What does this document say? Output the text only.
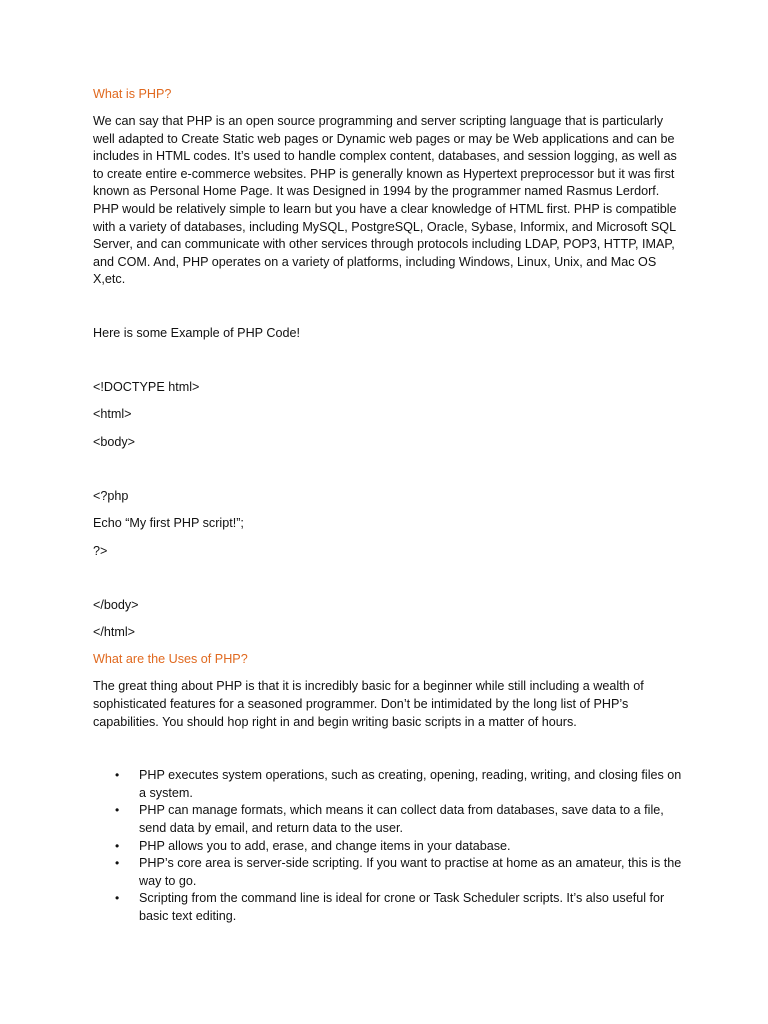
What is PHP?

We can say that PHP is an open source programming and server scripting language that is particularly well adapted to Create Static web pages or Dynamic web pages or may be Web applications and can be includes in HTML codes. It’s used to handle complex content, databases, and session logging, as well as to create entire e-commerce websites. PHP is generally known as Hypertext preprocessor but it was first known as Personal Home Page. It was Designed in 1994 by the programmer named Rasmus Lerdorf. PHP would be relatively simple to learn but you have a clear knowledge of HTML first. PHP is compatible with a variety of databases, including MySQL, PostgreSQL, Oracle, Sybase, Informix, and Microsoft SQL Server, and can communicate with other services through protocols including LDAP, POP3, HTTP, IMAP, and COM. And, PHP operates on a variety of platforms, including Windows, Linux, Unix, and Mac OS X,etc.

Here is some Example of PHP Code!

<!DOCTYPE html>

<html>

<body>

<?php

Echo “My first PHP script!”;

?>

</body>

</html>

What are the Uses of PHP?

The great thing about PHP is that it is incredibly basic for a beginner while still including a wealth of sophisticated features for a seasoned programmer. Don’t be intimidated by the long list of PHP’s capabilities. You should hop right in and begin writing basic scripts in a matter of hours.

• PHP executes system operations, such as creating, opening, reading, writing, and closing files on a system.
• PHP can manage formats, which means it can collect data from databases, save data to a file, send data by email, and return data to the user.
• PHP allows you to add, erase, and change items in your database.
• PHP’s core area is server-side scripting. If you want to practise at home as an amateur, this is the way to go.
• Scripting from the command line is ideal for crone or Task Scheduler scripts. It’s also useful for basic text editing.
